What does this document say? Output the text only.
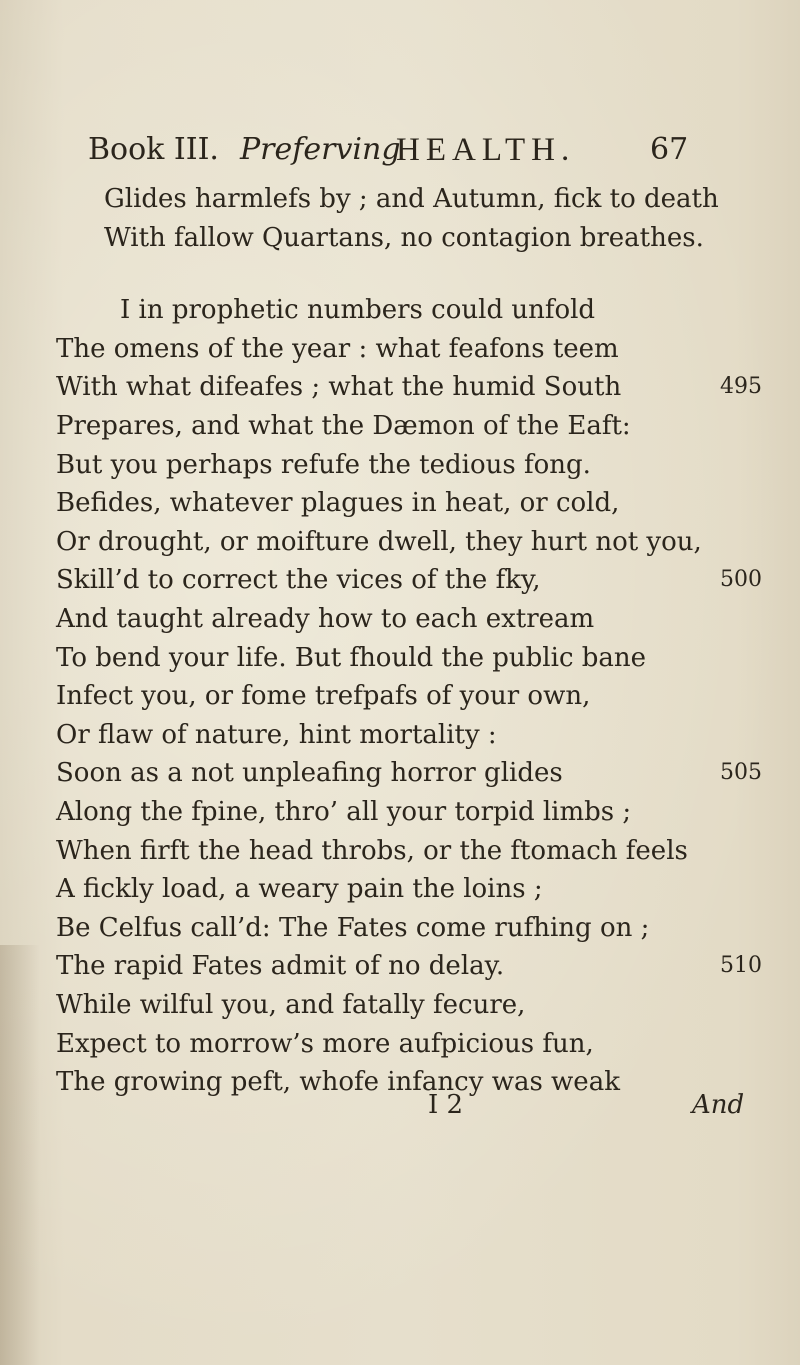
Book III. Preferving
HEALTH. 67
Glides harmlefs by ; and Autumn, fick to death
With fallow Quartans, no contagion breathes.
I in prophetic numbers could unfold
The omens of the year : what feafons teem
With what difeafes ; what the humid South	495
Prepares, and what the Dæmon of the Eaft:
But you perhaps refufe the tedious fong.
Befides, whatever plagues in heat, or cold,
Or drought, or moifture dwell, they hurt not you,
Skill’d to correct the vices of the fky,	500
And taught already how to each extream
To bend your life. But fhould the public bane
Infect you, or fome trefpafs of your own,
Or flaw of nature, hint mortality :
Soon as a not unpleafing horror glides	505
Along the fpine, thro’ all your torpid limbs ;
When firft the head throbs, or the ftomach feels
A fickly load, a weary pain the loins ;
Be Celfus call’d: The Fates come rufhing on ;
The rapid Fates admit of no delay.	510
While wilful you, and fatally fecure,
Expect to morrow’s more aufpicious fun,
The growing peft, whofe infancy was weak
I 2	And
